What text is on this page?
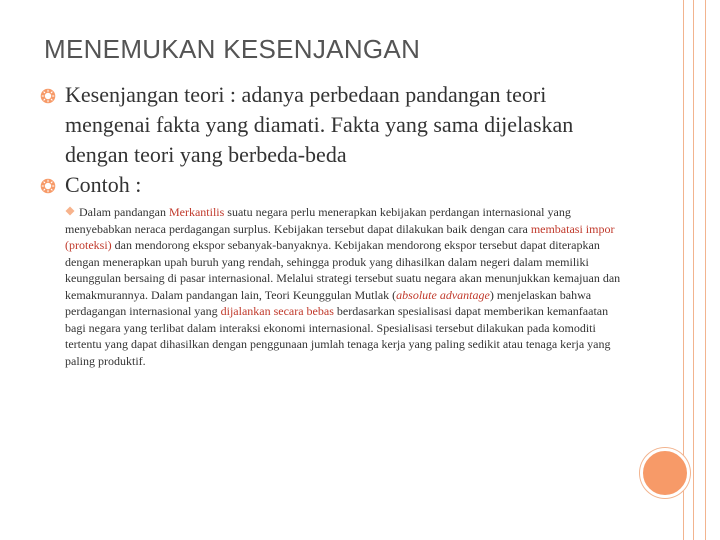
MENEMUKAN KESENJANGAN
Kesenjangan teori : adanya perbedaan pandangan teori mengenai fakta yang diamati. Fakta yang sama dijelaskan dengan teori yang berbeda-beda
Contoh :
Dalam pandangan Merkantilis suatu negara perlu menerapkan kebijakan perdangan internasional yang menyebabkan neraca perdagangan surplus. Kebijakan tersebut dapat dilakukan baik dengan cara membatasi impor (proteksi) dan mendorong ekspor sebanyak-banyaknya. Kebijakan mendorong ekspor tersebut dapat diterapkan dengan menerapkan upah buruh yang rendah, sehingga produk yang dihasilkan dalam negeri dalam memiliki keunggulan bersaing di pasar internasional. Melalui strategi tersebut suatu negara akan menunjukkan kemajuan dan kemakmurannya. Dalam pandangan lain, Teori Keunggulan Mutlak (absolute advantage) menjelaskan bahwa perdagangan internasional yang dijalankan secara bebas berdasarkan spesialisasi dapat memberikan kemanfaatan bagi negara yang terlibat dalam interaksi ekonomi internasional. Spesialisasi tersebut dilakukan pada komoditi tertentu yang dapat dihasilkan dengan penggunaan jumlah tenaga kerja yang paling sedikit atau tenaga kerja yang paling produktif.
